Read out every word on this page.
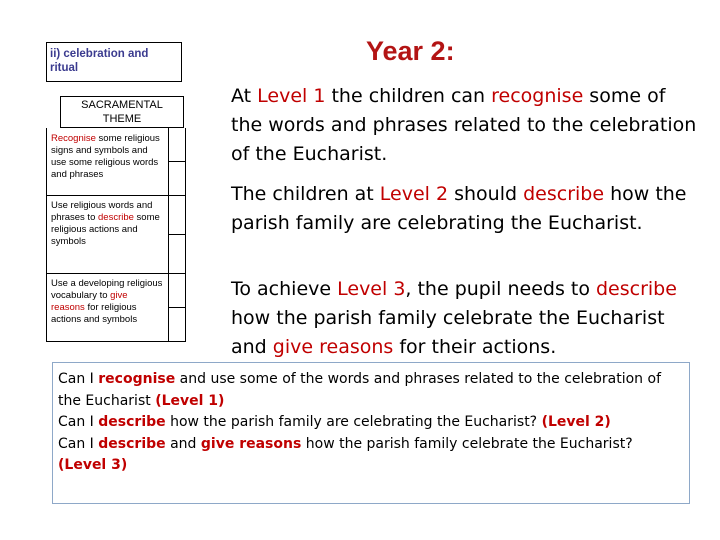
ii) celebration and ritual
SACRAMENTAL THEME
Recognise some religious signs and symbols and use some religious words and phrases
Use religious words and phrases to describe some religious actions and symbols
Use a developing religious vocabulary to give reasons for religious actions and symbols
Year 2:
At Level 1 the children can recognise some of the words and phrases related to the celebration of the Eucharist.
The children at Level 2 should describe how the parish family are celebrating the Eucharist.
To achieve Level 3, the pupil needs to describe how the parish family celebrate the Eucharist and give reasons for their actions.
Can I recognise and use some of the words and phrases related to the celebration of the Eucharist (Level 1)
Can I describe how the parish family are celebrating the Eucharist? (Level 2)
Can I describe and give reasons how the parish family celebrate the Eucharist? (Level 3)
